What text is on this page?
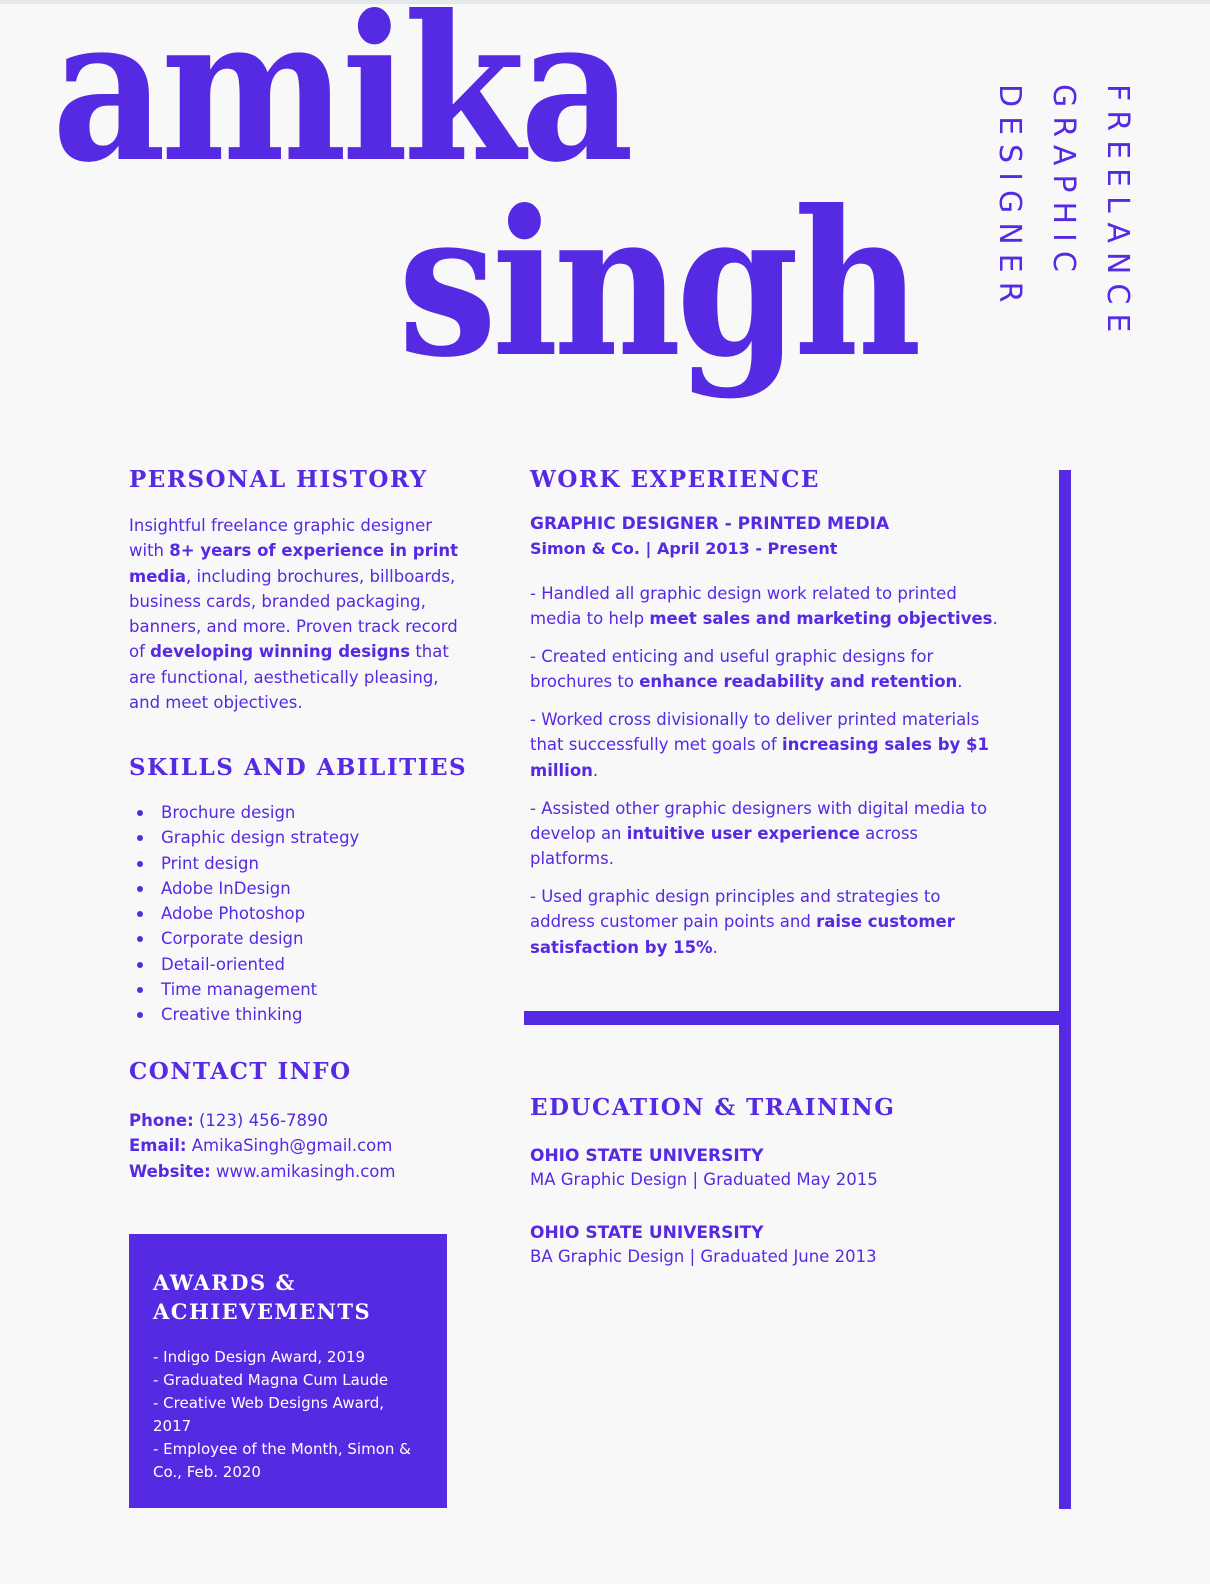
amika
singh	FREELANCE
GRAPHIC
DESIGNER
PERSONAL HISTORY
Insightful freelance graphic designer with 8+ years of experience in print media, including brochures, billboards, business cards, branded packaging, banners, and more. Proven track record of developing winning designs that are functional, aesthetically pleasing, and meet objectives.
SKILLS AND ABILITIES
Brochure design
Graphic design strategy
Print design
Adobe InDesign
Adobe Photoshop
Corporate design
Detail-oriented
Time management
Creative thinking
CONTACT INFO
Phone: (123) 456-7890
Email: AmikaSingh@gmail.com
Website: www.amikasingh.com
AWARDS &
ACHIEVEMENTS
- Indigo Design Award, 2019
- Graduated Magna Cum Laude
- Creative Web Designs Award, 2017
- Employee of the Month, Simon & Co., Feb. 2020
WORK EXPERIENCE
GRAPHIC DESIGNER - PRINTED MEDIA
Simon & Co. | April 2013 - Present

- Handled all graphic design work related to printed media to help meet sales and marketing objectives.

- Created enticing and useful graphic designs for brochures to enhance readability and retention.

- Worked cross divisionally to deliver printed materials that successfully met goals of increasing sales by $1 million.

- Assisted other graphic designers with digital media to develop an intuitive user experience across platforms.

- Used graphic design principles and strategies to address customer pain points and raise customer satisfaction by 15%.

EDUCATION & TRAINING
OHIO STATE UNIVERSITY
MA Graphic Design | Graduated May 2015
OHIO STATE UNIVERSITY
BA Graphic Design | Graduated June 2013
